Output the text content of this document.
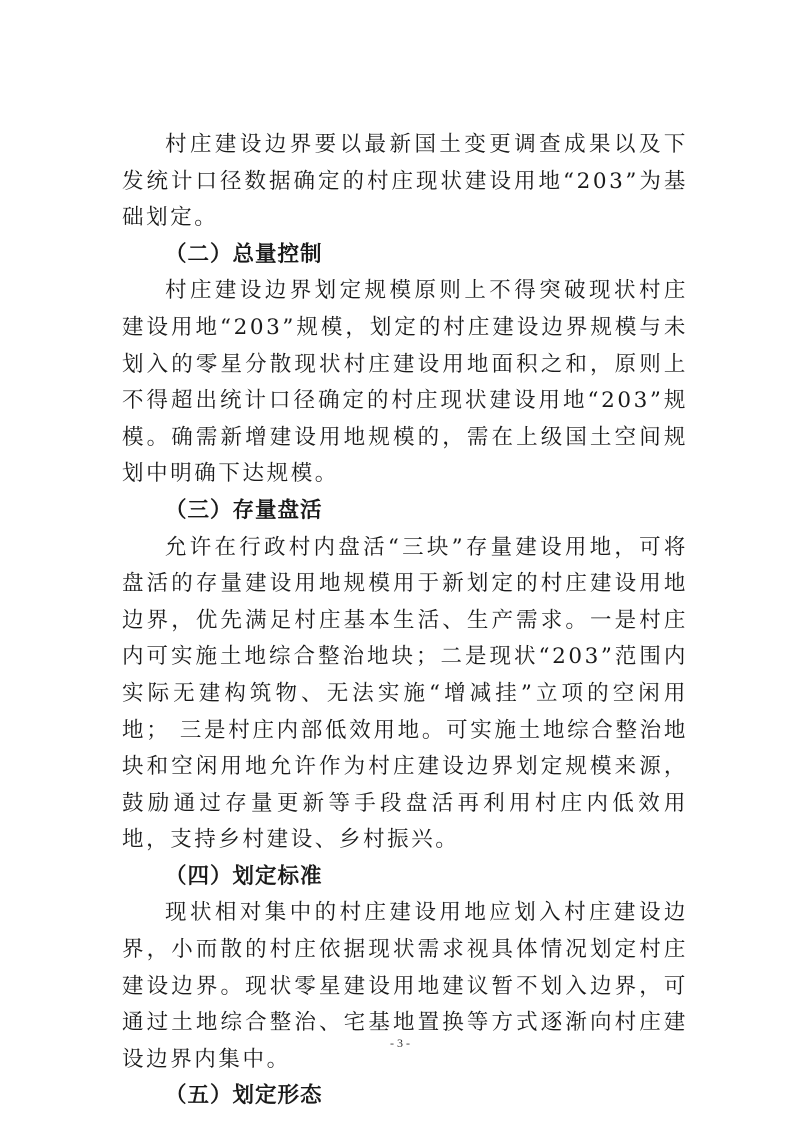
村庄建设边界要以最新国土变更调查成果以及下发统计口径数据确定的村庄现状建设用地“203”为基础划定。

（二）总量控制

村庄建设边界划定规模原则上不得突破现状村庄建设用地“203”规模，划定的村庄建设边界规模与未划入的零星分散现状村庄建设用地面积之和，原则上不得超出统计口径确定的村庄现状建设用地“203”规模。确需新增建设用地规模的，需在上级国土空间规划中明确下达规模。

（三）存量盘活

允许在行政村内盘活“三块”存量建设用地，可将盘活的存量建设用地规模用于新划定的村庄建设用地边界，优先满足村庄基本生活、生产需求。一是村庄内可实施土地综合整治地块；二是现状“203”范围内实际无建构筑物、无法实施“增减挂”立项的空闲用地； 三是村庄内部低效用地。可实施土地综合整治地块和空闲用地允许作为村庄建设边界划定规模来源，鼓励通过存量更新等手段盘活再利用村庄内低效用地，支持乡村建设、乡村振兴。

（四）划定标准

现状相对集中的村庄建设用地应划入村庄建设边界，小而散的村庄依据现状需求视具体情况划定村庄建设边界。现状零星建设用地建议暂不划入边界，可通过土地综合整治、宅基地置换等方式逐渐向村庄建设边界内集中。

（五）划定形态

- 3 -
